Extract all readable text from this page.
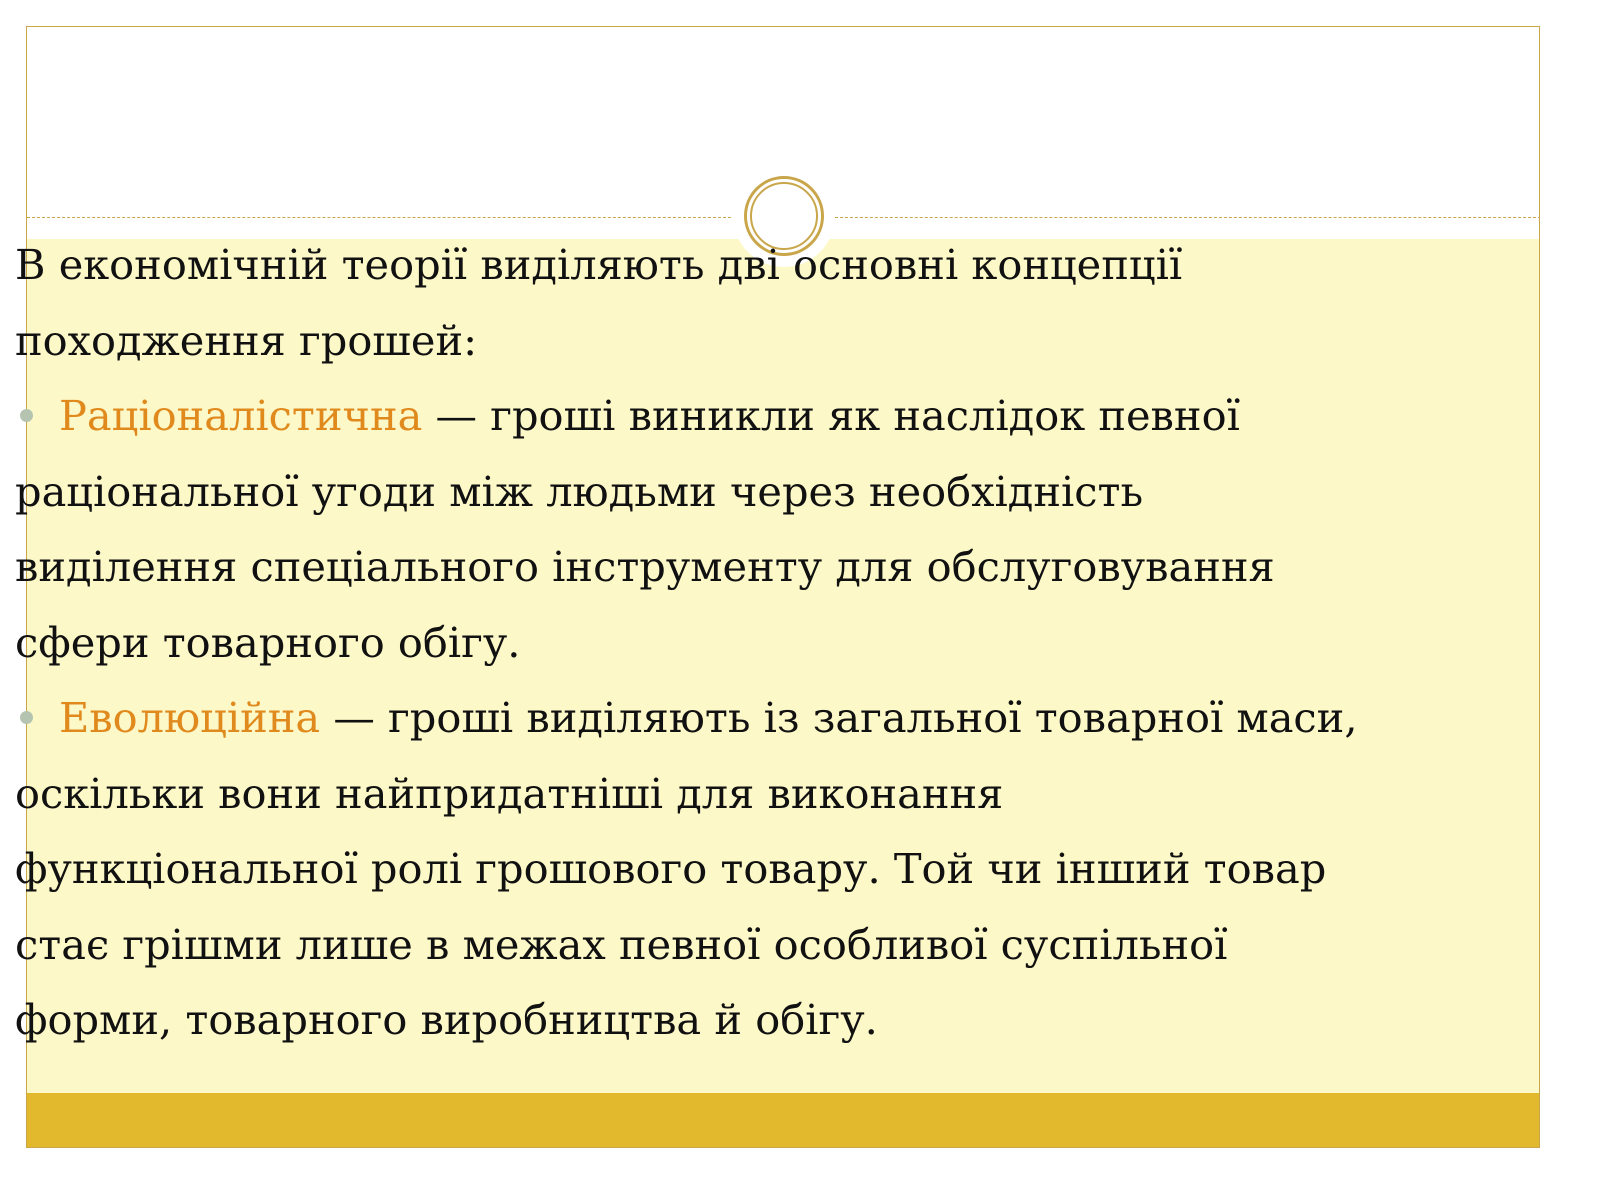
В економічній теорії виділяють дві основні концепції

походження грошей:

Раціоналістична — гроші виникли як наслідок певної

раціональної угоди між людьми через необхідність

виділення спеціального інструменту для обслуговування

сфери товарного обігу.

Еволюційна — гроші виділяють із загальної товарної маси,

оскільки вони найпридатніші для виконання

функціональної ролі грошового товару. Той чи інший товар

стає грішми лише в межах певної особливої суспільної

форми, товарного виробництва й обігу.
